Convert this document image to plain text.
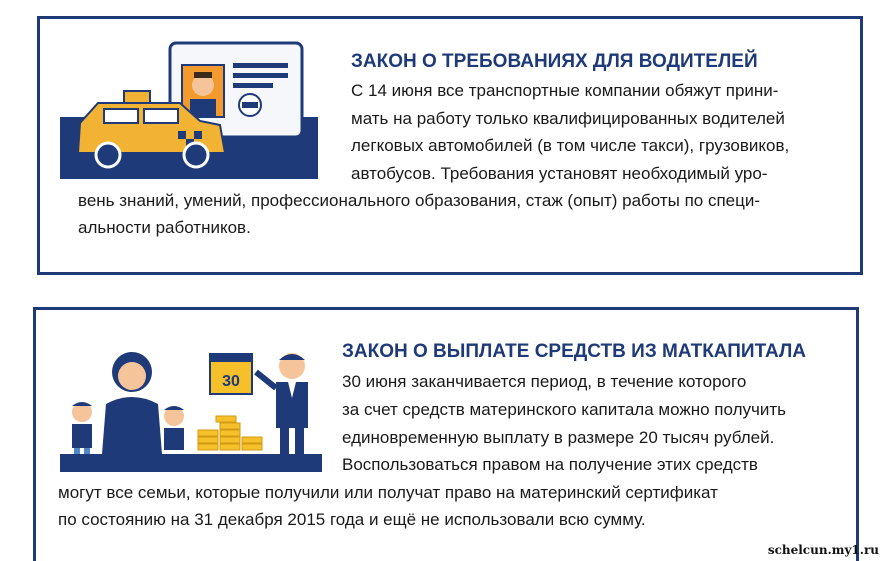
ЗАКОН О ТРЕБОВАНИЯХ ДЛЯ ВОДИТЕЛЕЙ
С 14 июня все транспортные компании обяжут прини-
мать на работу только квалифицированных водителей
легковых автомобилей (в том числе такси), грузовиков,
автобусов. Требования установят необходимый уро-
вень знаний, умений, профессионального образования, стаж (опыт) работы по специ-
альности работников.
30
ЗАКОН О ВЫПЛАТЕ СРЕДСТВ ИЗ МАТКАПИТАЛА
30 июня заканчивается период, в течение которого
за счет средств материнского капитала можно получить
единовременную выплату в размере 20 тысяч рублей.
Воспользоваться правом на получение этих средств
могут все семьи, которые получили или получат право на материнский сертификат
по состоянию на 31 декабря 2015 года и ещё не использовали всю сумму.
schelcun.my1.ru
